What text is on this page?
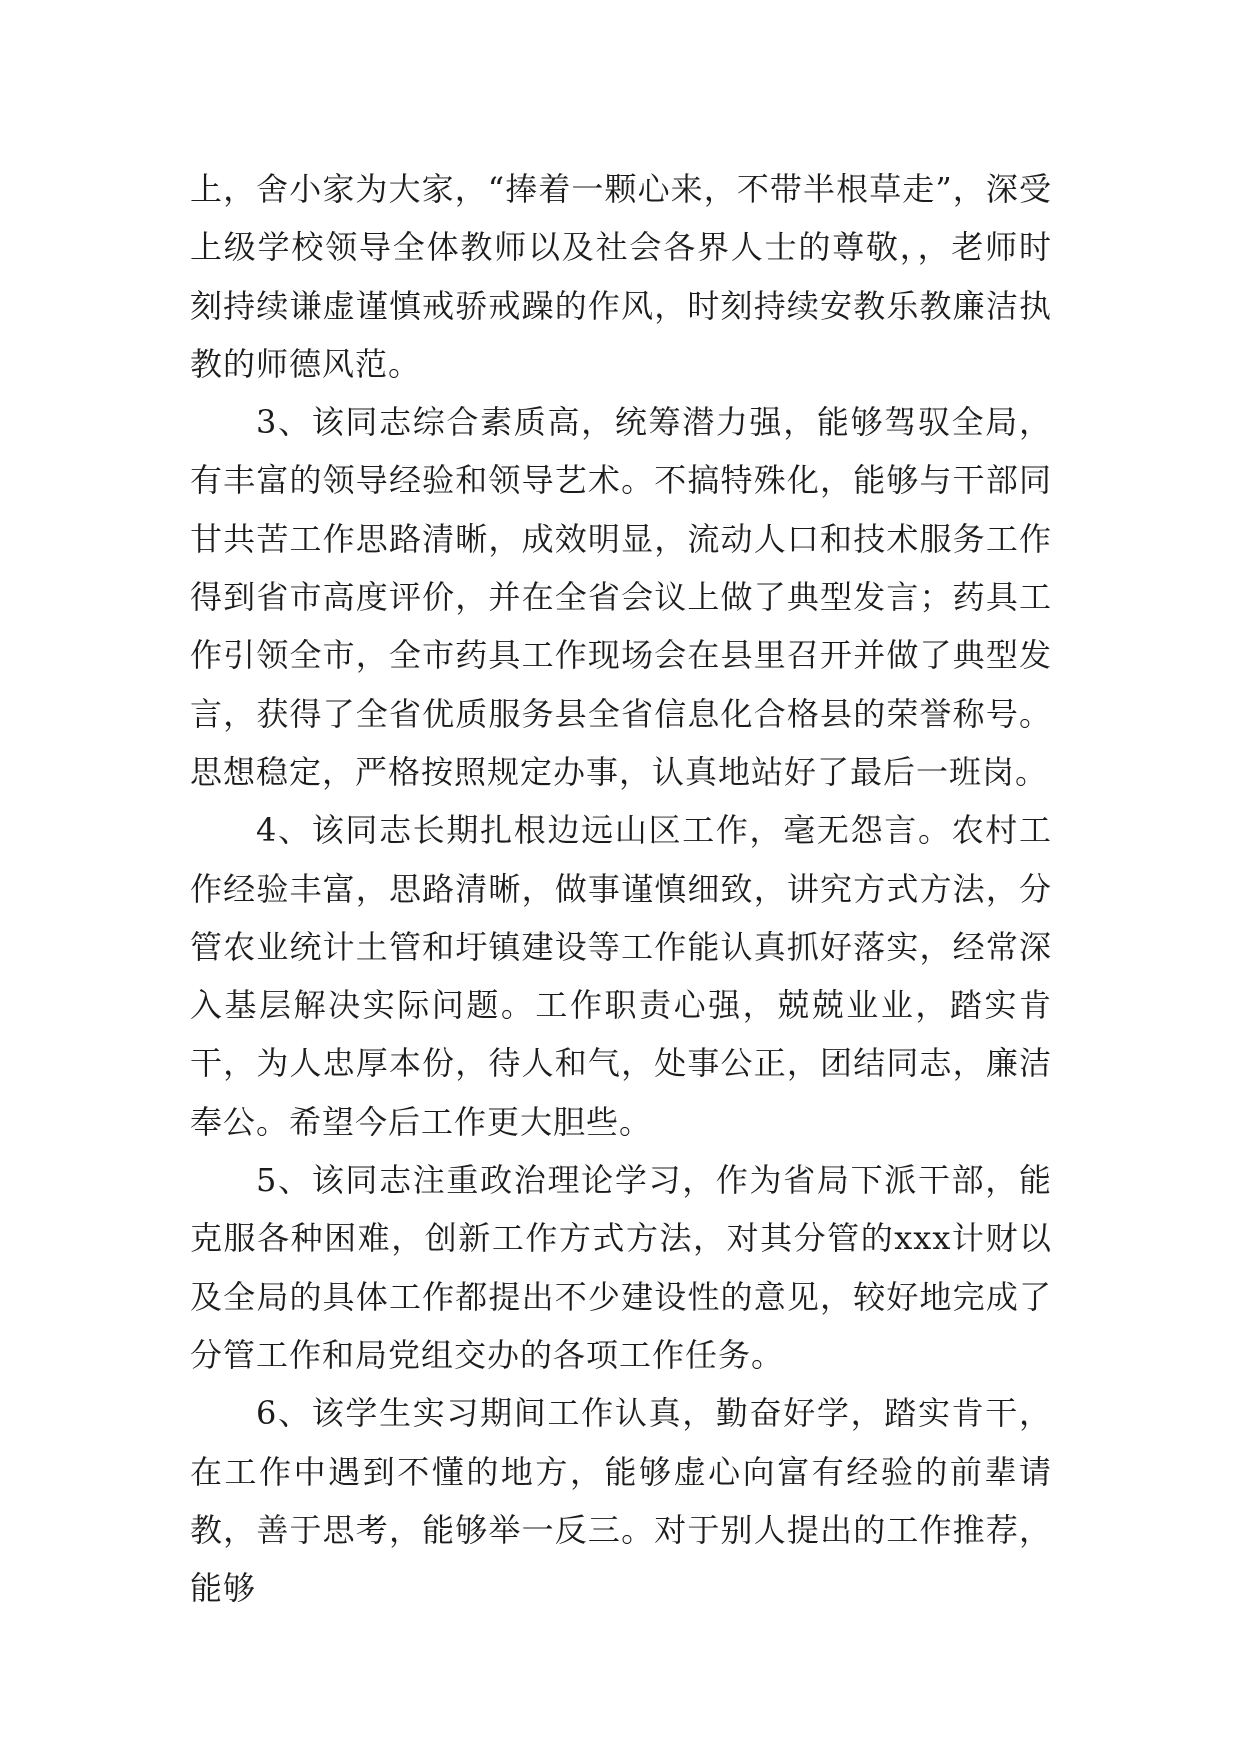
上，舍小家为大家，“捧着一颗心来，不带半根草走”，深受上级学校领导全体教师以及社会各界人士的尊敬，，老师时刻持续谦虚谨慎戒骄戒躁的作风，时刻持续安教乐教廉洁执教的师德风范。

3、该同志综合素质高，统筹潜力强，能够驾驭全局，有丰富的领导经验和领导艺术。不搞特殊化，能够与干部同甘共苦工作思路清晰，成效明显，流动人口和技术服务工作得到省市高度评价，并在全省会议上做了典型发言；药具工作引领全市，全市药具工作现场会在县里召开并做了典型发言，获得了全省优质服务县全省信息化合格县的荣誉称号。思想稳定，严格按照规定办事，认真地站好了最后一班岗。

4、该同志长期扎根边远山区工作，毫无怨言。农村工作经验丰富，思路清晰，做事谨慎细致，讲究方式方法，分管农业统计土管和圩镇建设等工作能认真抓好落实，经常深入基层解决实际问题。工作职责心强，兢兢业业，踏实肯干，为人忠厚本份，待人和气，处事公正，团结同志，廉洁奉公。希望今后工作更大胆些。

5、该同志注重政治理论学习，作为省局下派干部，能克服各种困难，创新工作方式方法，对其分管的xxx计财以及全局的具体工作都提出不少建设性的意见，较好地完成了分管工作和局党组交办的各项工作任务。

6、该学生实习期间工作认真，勤奋好学，踏实肯干，在工作中遇到不懂的地方，能够虚心向富有经验的前辈请教，善于思考，能够举一反三。对于别人提出的工作推荐，能够
